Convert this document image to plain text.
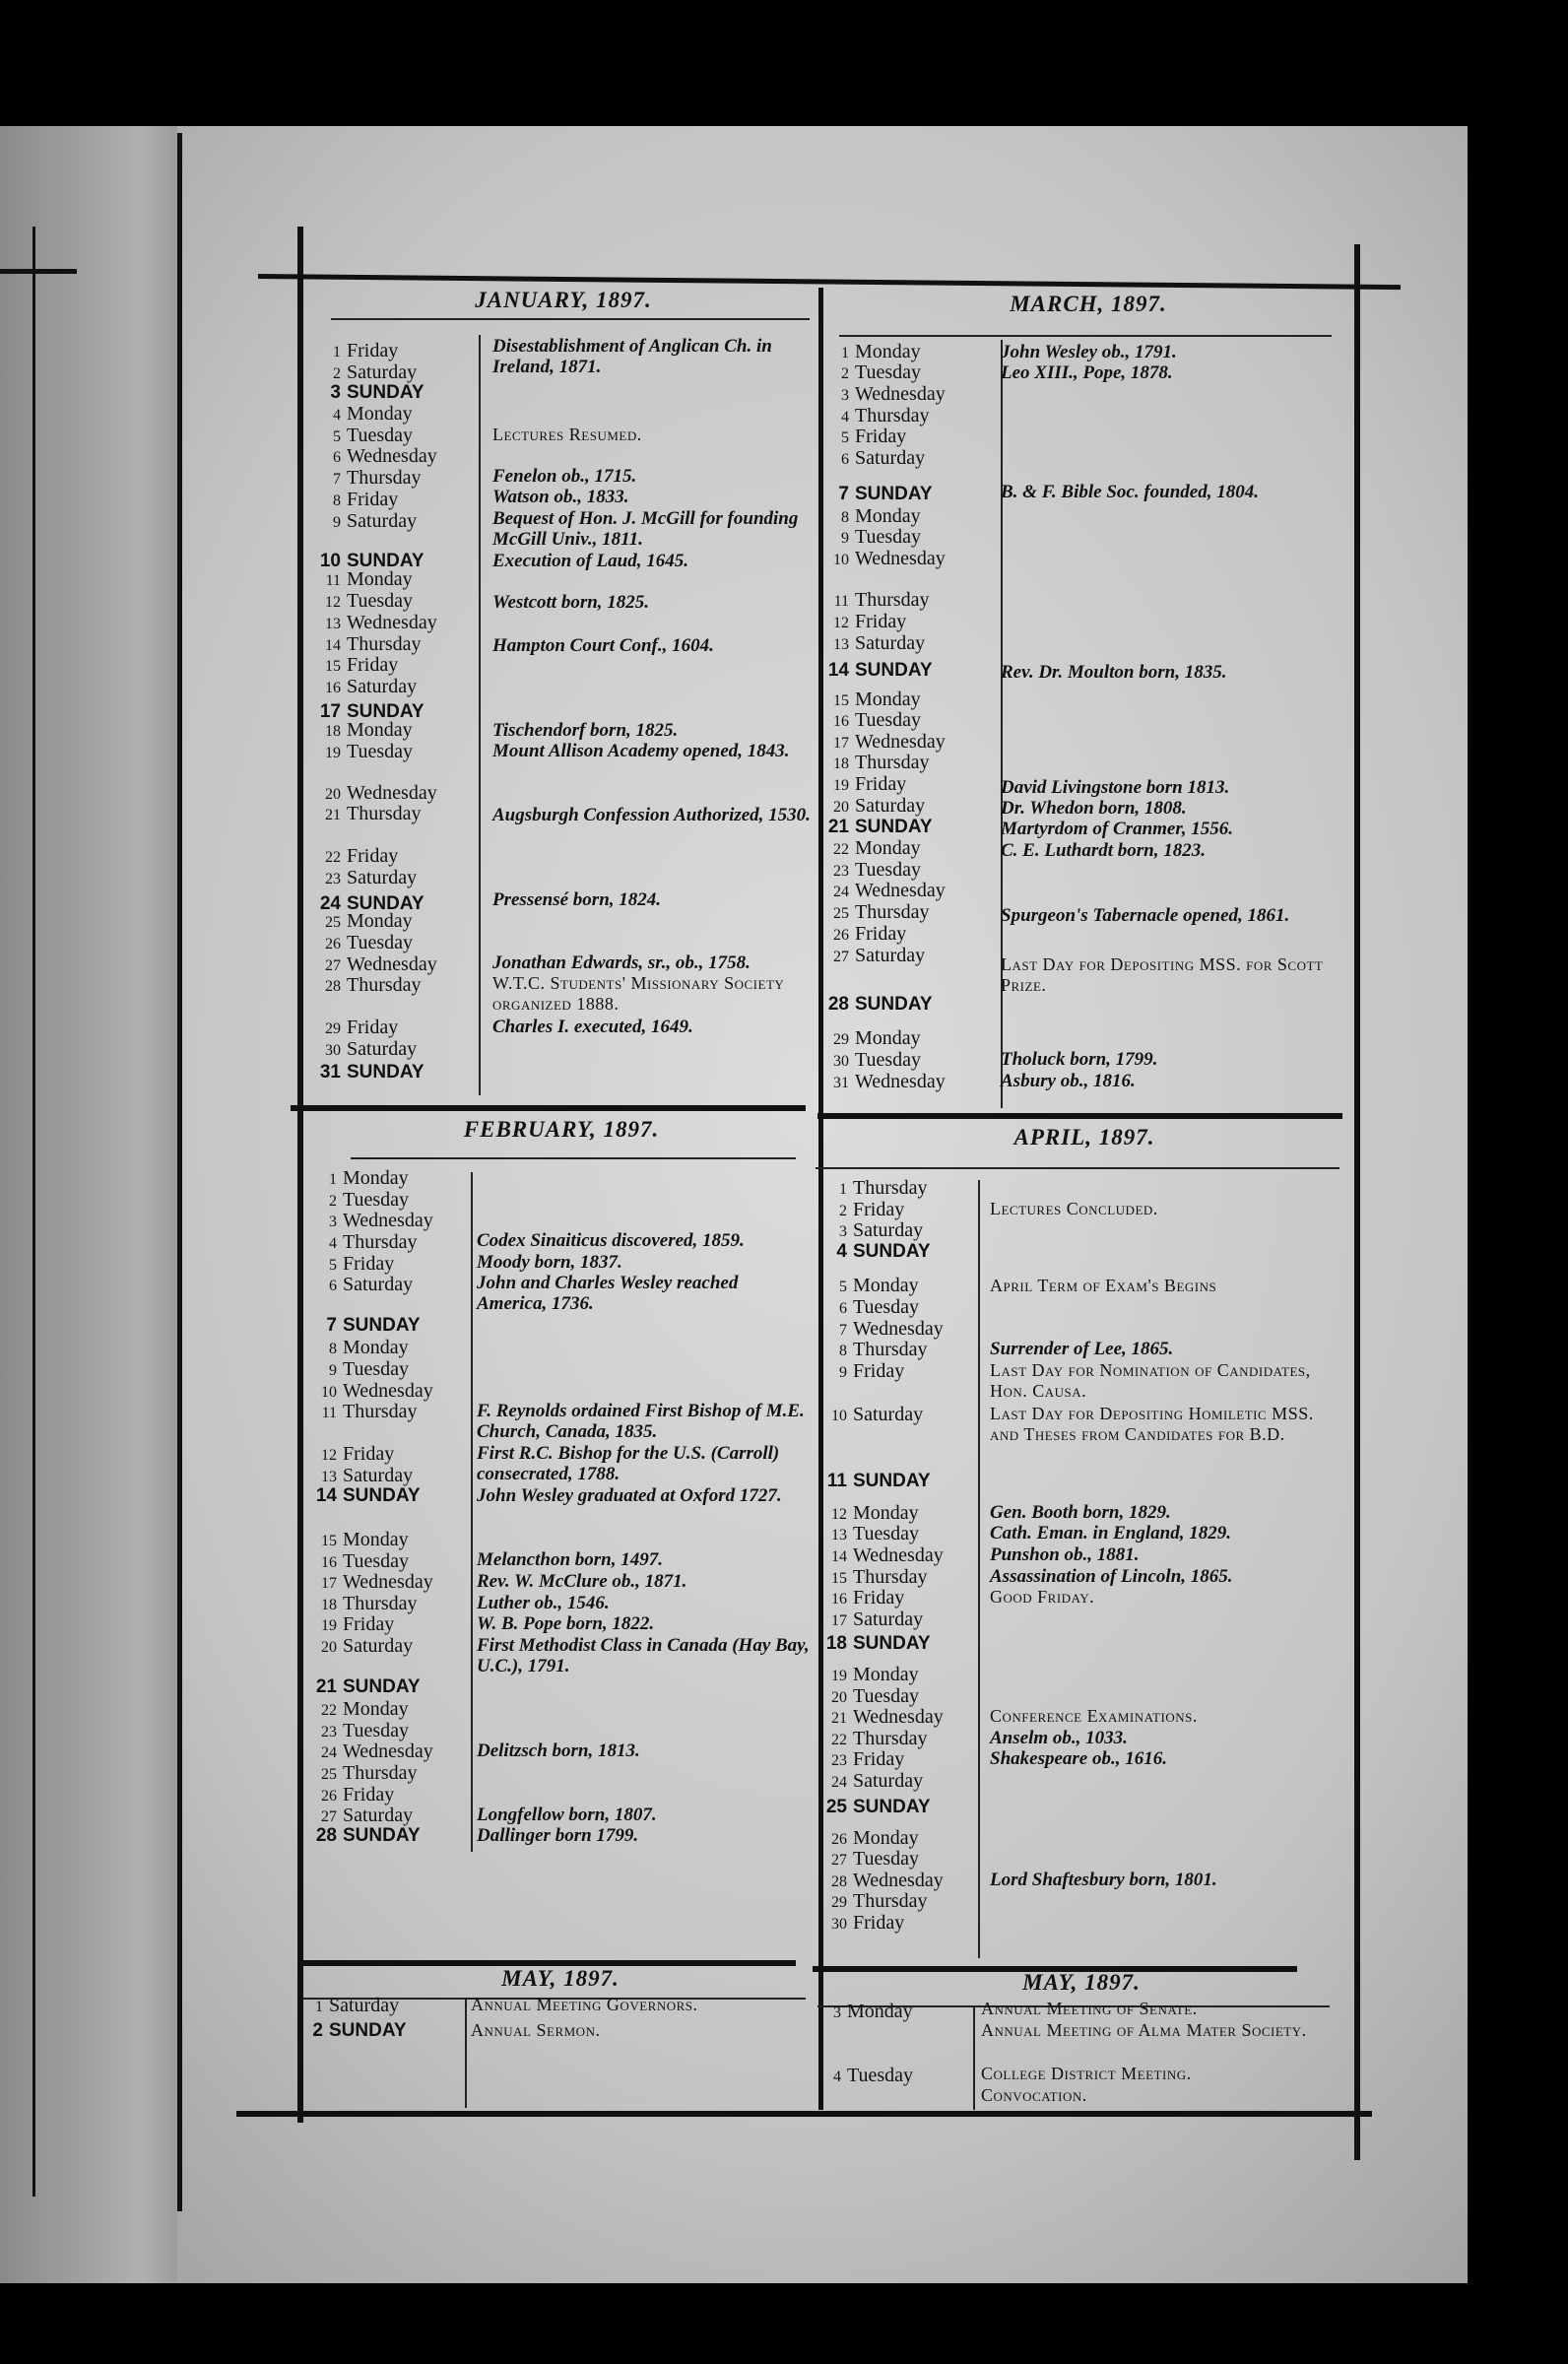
JANUARY, 1897.
1 Friday
2 Saturday
3 SUNDAY
4 Monday
5 Tuesday
6 Wednesday
7 Thursday
8 Friday
9 Saturday
10 SUNDAY
11 Monday
12 Tuesday
13 Wednesday
14 Thursday
15 Friday
16 Saturday
17 SUNDAY
18 Monday
19 Tuesday
20 Wednesday
21 Thursday
22 Friday
23 Saturday
24 SUNDAY
25 Monday
26 Tuesday
27 Wednesday
28 Thursday
29 Friday
30 Saturday
31 SUNDAY
Disestablishment of Anglican Ch. in Ireland, 1871.
Lectures Resumed.
Fenelon ob., 1715.
Watson ob., 1833.
Bequest of Hon. J. McGill for founding McGill Univ., 1811.
Execution of Laud, 1645.
Westcott born, 1825.
Hampton Court Conf., 1604.
Tischendorf born, 1825.
Mount Allison Academy opened, 1843.
Augsburgh Confession Authorized, 1530.
Pressensé born, 1824.
Jonathan Edwards, sr., ob., 1758.
W.T.C. Students' Missionary Society organized 1888.
Charles I. executed, 1649.
FEBRUARY, 1897.
1 Monday
2 Tuesday
3 Wednesday
4 Thursday
5 Friday
6 Saturday
7 SUNDAY
8 Monday
9 Tuesday
10 Wednesday
11 Thursday
12 Friday
13 Saturday
14 SUNDAY
15 Monday
16 Tuesday
17 Wednesday
18 Thursday
19 Friday
20 Saturday
21 SUNDAY
22 Monday
23 Tuesday
24 Wednesday
25 Thursday
26 Friday
27 Saturday
28 SUNDAY
Codex Sinaiticus discovered, 1859.
Moody born, 1837.
John and Charles Wesley reached America, 1736.
F. Reynolds ordained First Bishop of M.E. Church, Canada, 1835.
First R.C. Bishop for the U.S. (Carroll) consecrated, 1788.
John Wesley graduated at Oxford 1727.
Melancthon born, 1497.
Rev. W. McClure ob., 1871.
Luther ob., 1546.
W. B. Pope born, 1822.
First Methodist Class in Canada (Hay Bay, U.C.), 1791.
Delitzsch born, 1813.
Longfellow born, 1807.
Dallinger born 1799.
MARCH, 1897.
1 Monday
2 Tuesday
3 Wednesday
4 Thursday
5 Friday
6 Saturday
7 SUNDAY
8 Monday
9 Tuesday
10 Wednesday
11 Thursday
12 Friday
13 Saturday
14 SUNDAY
15 Monday
16 Tuesday
17 Wednesday
18 Thursday
19 Friday
20 Saturday
21 SUNDAY
22 Monday
23 Tuesday
24 Wednesday
25 Thursday
26 Friday
27 Saturday
28 SUNDAY
29 Monday
30 Tuesday
31 Wednesday
John Wesley ob., 1791.
Leo XIII., Pope, 1878.
B. & F. Bible Soc. founded, 1804.
Rev. Dr. Moulton born, 1835.
David Livingstone born 1813.
Dr. Whedon born, 1808.
Martyrdom of Cranmer, 1556.
C. E. Luthardt born, 1823.
Spurgeon's Tabernacle opened, 1861.
Last Day for Depositing MSS. for Scott Prize.
Tholuck born, 1799.
Asbury ob., 1816.
APRIL, 1897.
1 Thursday
2 Friday
3 Saturday
4 SUNDAY
5 Monday
6 Tuesday
7 Wednesday
8 Thursday
9 Friday
10 Saturday
11 SUNDAY
12 Monday
13 Tuesday
14 Wednesday
15 Thursday
16 Friday
17 Saturday
18 SUNDAY
19 Monday
20 Tuesday
21 Wednesday
22 Thursday
23 Friday
24 Saturday
25 SUNDAY
26 Monday
27 Tuesday
28 Wednesday
29 Thursday
30 Friday
Lectures Concluded.
April Term of Exam's Begins
Surrender of Lee, 1865.
Last Day for Nomination of Candidates, Hon. Causa.
Last Day for Depositing Homiletic MSS. and Theses from Candidates for B.D.
Gen. Booth born, 1829.
Cath. Eman. in England, 1829.
Punshon ob., 1881.
Assassination of Lincoln, 1865.
Good Friday.
Conference Examinations.
Anselm ob., 1033.
Shakespeare ob., 1616.
Lord Shaftesbury born, 1801.
MAY, 1897.
1 Saturday
2 SUNDAY
Annual Meeting Governors.
Annual Sermon.
MAY, 1897.
3 Monday
4 Tuesday
Annual Meeting of Senate.
Annual Meeting of Alma Mater Society.
College District Meeting.
Convocation.
